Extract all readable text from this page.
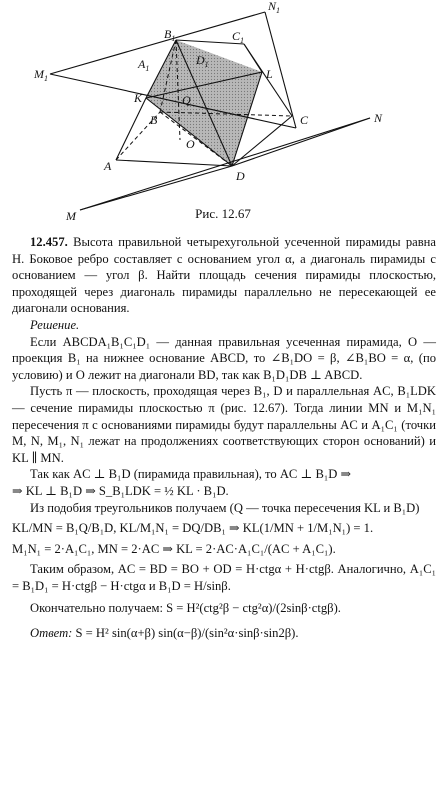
$N_1$
$B_1$	$C_1$
$M_1$
$A_1$
$D_1$
L
K	Q
B
O
C	N
A
D
M	Рис. 12.67

12.457. Высота правильной четырехугольной усеченной пирамиды равна H. Боковое ребро составляет с основанием угол α, а диагональ пирамиды с основанием — угол β. Найти площадь сечения пирамиды плоскостью, проходящей через диагональ пирамиды параллельно не пересекающей ее диагонали основания.

Решение.

Если ABCDA₁B₁C₁D₁ — данная правильная усеченная пирамида, O — проекция B₁ на нижнее основание ABCD, то ∠B₁DO = β, ∠B₁BO = α, (по условию) и O лежит на диагонали BD, так как B₁D₁DB ⊥ ABCD.

Пусть π — плоскость, проходящая через B₁, D и параллельная AC, B₁LDK — сечение пирамиды плоскостью π (рис. 12.67). Тогда линии MN и M₁N₁ пересечения π с основаниями пирамиды будут параллельны AC и A₁C₁ (точки M, N, M₁, N₁ лежат на продолжениях соответствующих сторон оснований) и KL ∥ MN.

Так как AC ⊥ B₁D (пирамида правильная), то AC ⊥ B₁D ⇒

⇒ KL ⊥ B₁D ⇒ S_B₁LDK = ½ KL · B₁D.

Из подобия треугольников получаем (Q — точка пересечения KL и B₁D)

KL/MN = B₁Q/B₁D, KL/M₁N₁ = DQ/DB₁ ⇒ KL(1/MN + 1/M₁N₁) = 1.

M₁N₁ = 2·A₁C₁, MN = 2·AC ⇒ KL = 2·AC·A₁C₁/(AC + A₁C₁).

Таким образом, AC = BD = BO + OD = H·ctgα + H·ctgβ. Аналогично, A₁C₁ = B₁D₁ = H·ctgβ − H·ctgα и B₁D = H/sinβ.

Окончательно получаем: S = H²(ctg²β − ctg²α)/(2sinβ·ctgβ).

Ответ: S = H² sin(α+β) sin(α−β)/(sin²α·sinβ·sin2β).
